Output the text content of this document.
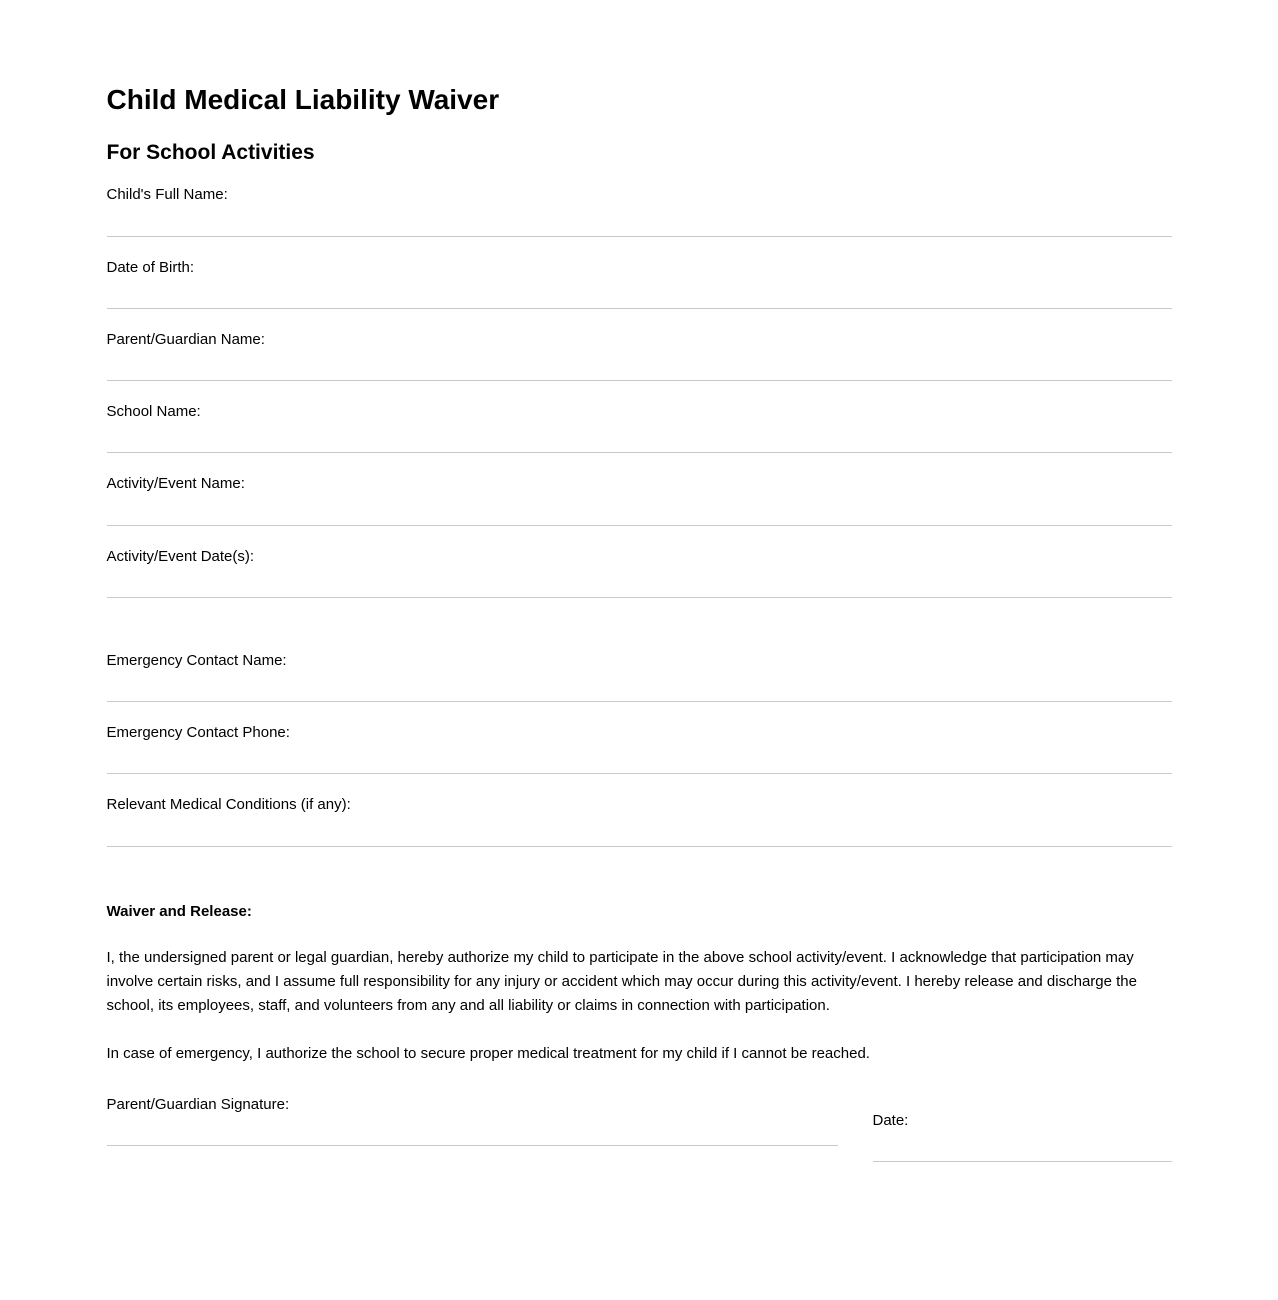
Child Medical Liability Waiver
For School Activities
Child's Full Name:
Date of Birth:
Parent/Guardian Name:
School Name:
Activity/Event Name:
Activity/Event Date(s):
Emergency Contact Name:
Emergency Contact Phone:
Relevant Medical Conditions (if any):
Waiver and Release:

I, the undersigned parent or legal guardian, hereby authorize my child to participate in the above school activity/event. I acknowledge that participation may involve certain risks, and I assume full responsibility for any injury or accident which may occur during this activity/event. I hereby release and discharge the school, its employees, staff, and volunteers from any and all liability or claims in connection with participation.

In case of emergency, I authorize the school to secure proper medical treatment for my child if I cannot be reached.

Parent/Guardian Signature:
Date:
